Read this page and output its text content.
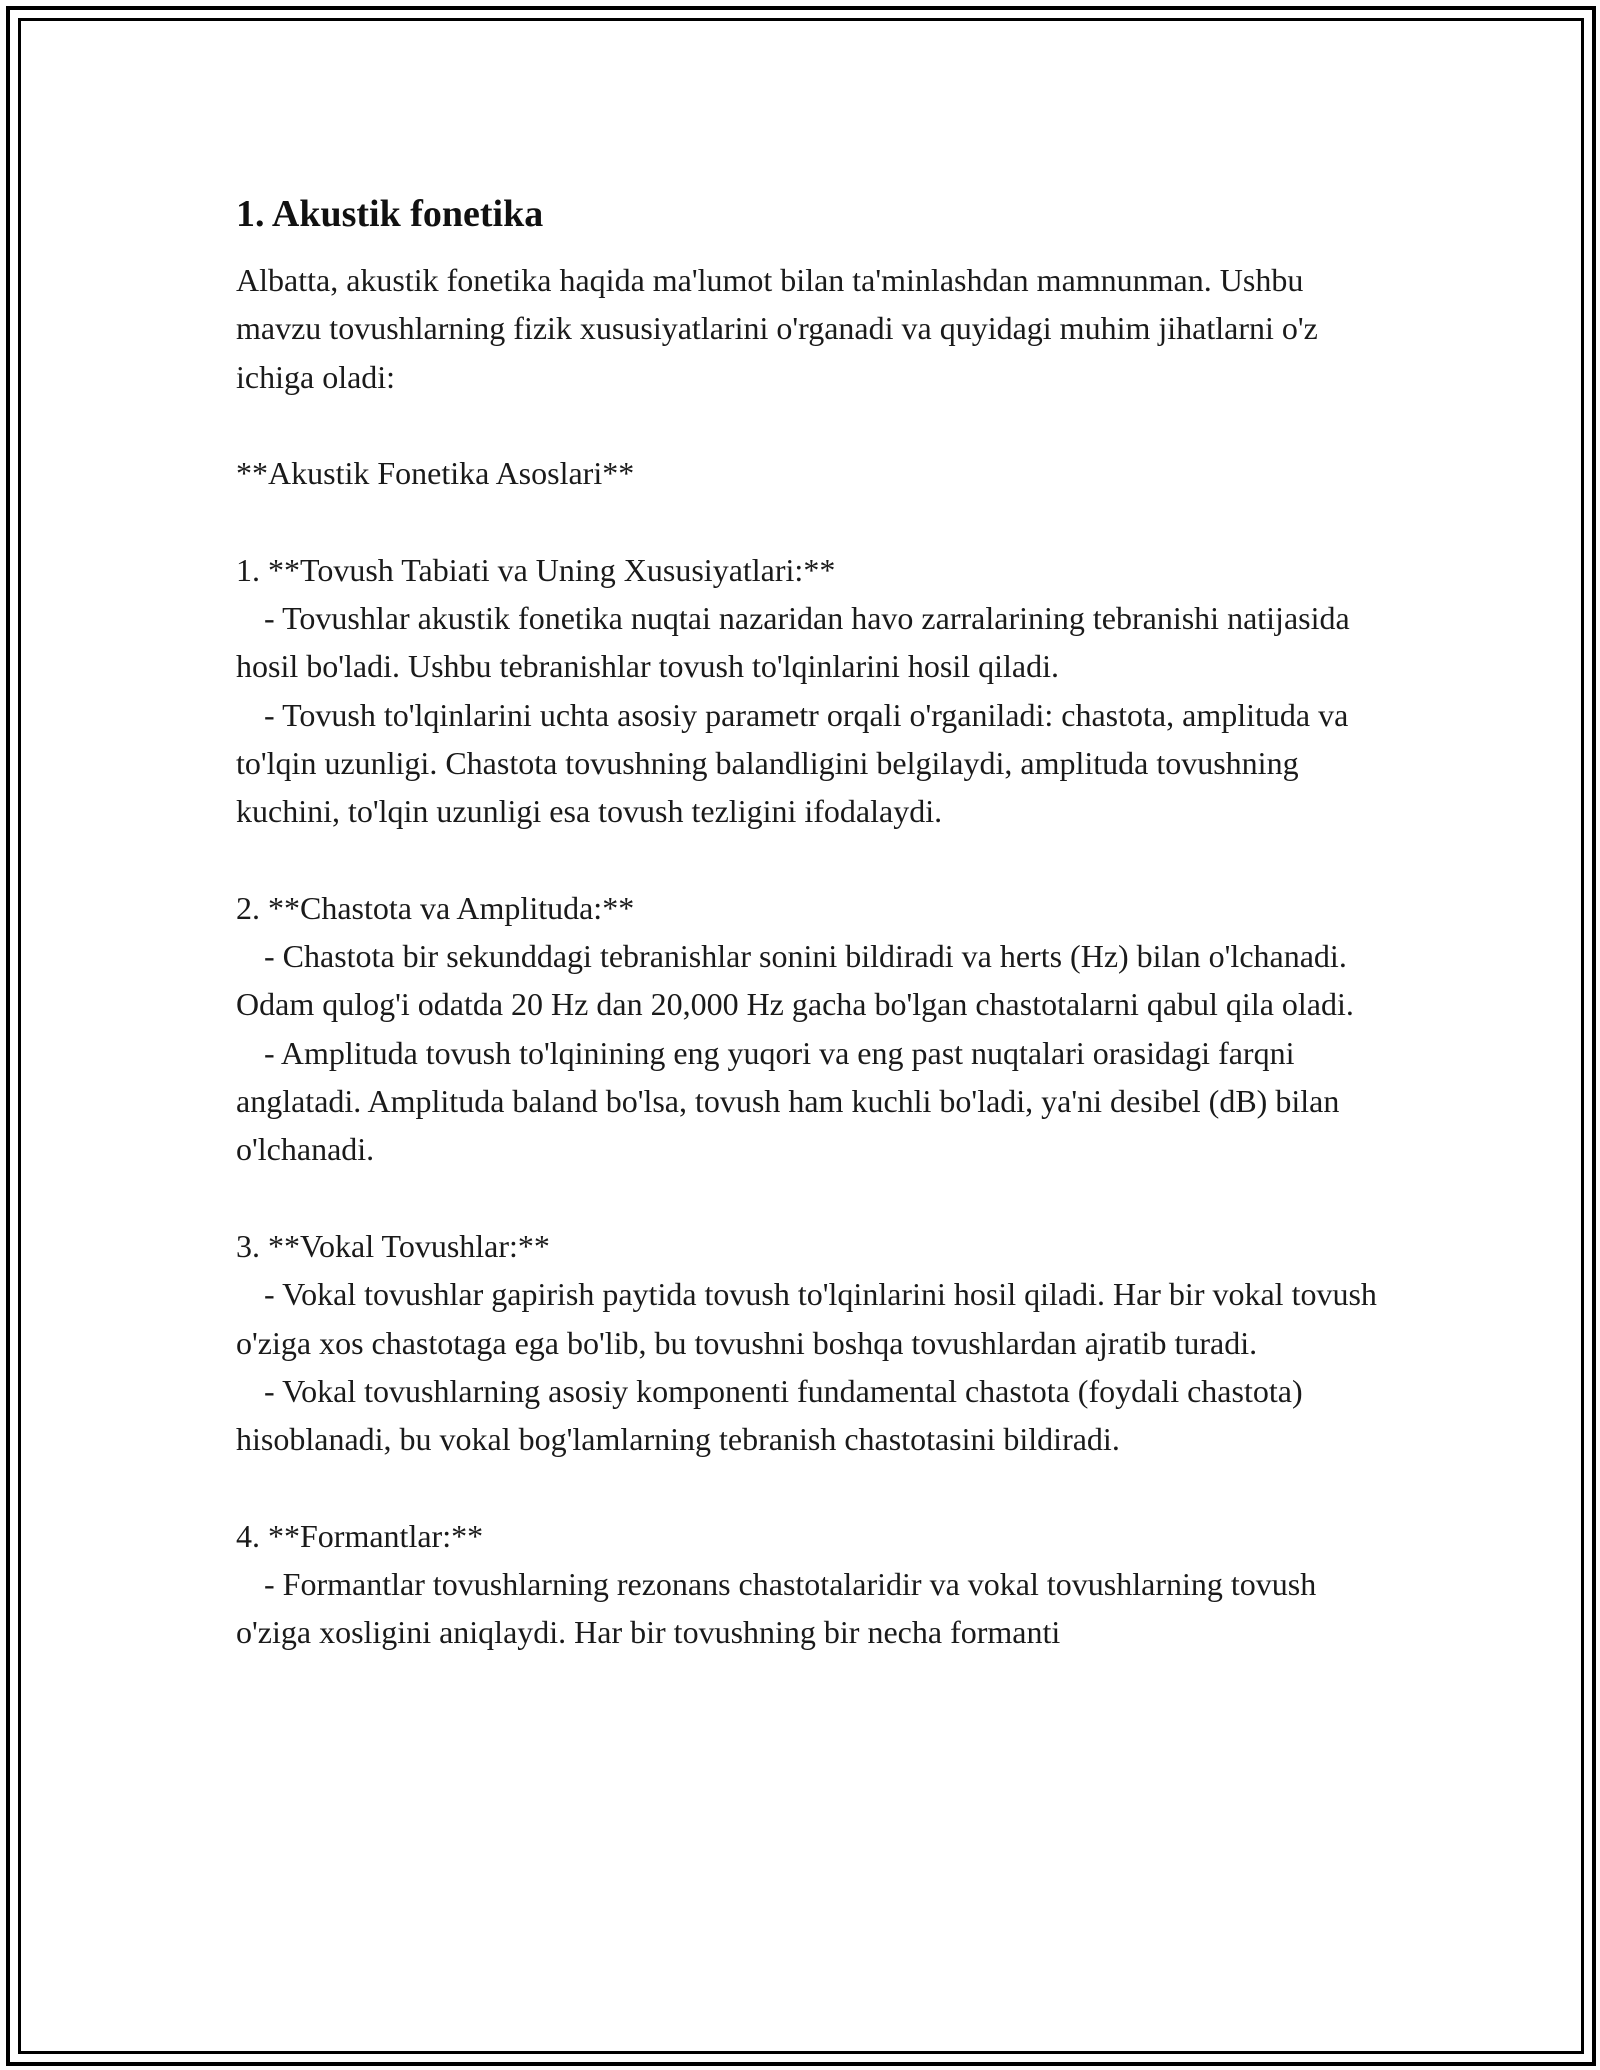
1. Akustik fonetika

Albatta, akustik fonetika haqida ma'lumot bilan ta'minlashdan mamnunman. Ushbu mavzu tovushlarning fizik xususiyatlarini o'rganadi va quyidagi muhim jihatlarni o'z ichiga oladi:

**Akustik Fonetika Asoslari**

1. **Tovush Tabiati va Uning Xususiyatlari:**

- Tovushlar akustik fonetika nuqtai nazaridan havo zarralarining tebranishi natijasida hosil bo'ladi. Ushbu tebranishlar tovush to'lqinlarini hosil qiladi.

- Tovush to'lqinlarini uchta asosiy parametr orqali o'rganiladi: chastota, amplituda va to'lqin uzunligi. Chastota tovushning balandligini belgilaydi, amplituda tovushning kuchini, to'lqin uzunligi esa tovush tezligini ifodalaydi.

2. **Chastota va Amplituda:**

- Chastota bir sekunddagi tebranishlar sonini bildiradi va herts (Hz) bilan o'lchanadi. Odam qulog'i odatda 20 Hz dan 20,000 Hz gacha bo'lgan chastotalarni qabul qila oladi.

- Amplituda tovush to'lqinining eng yuqori va eng past nuqtalari orasidagi farqni anglatadi. Amplituda baland bo'lsa, tovush ham kuchli bo'ladi, ya'ni desibel (dB) bilan o'lchanadi.

3. **Vokal Tovushlar:**

- Vokal tovushlar gapirish paytida tovush to'lqinlarini hosil qiladi. Har bir vokal tovush o'ziga xos chastotaga ega bo'lib, bu tovushni boshqa tovushlardan ajratib turadi.

- Vokal tovushlarning asosiy komponenti fundamental chastota (foydali chastota) hisoblanadi, bu vokal bog'lamlarning tebranish chastotasini bildiradi.

4. **Formantlar:**

- Formantlar tovushlarning rezonans chastotalaridir va vokal tovushlarning tovush o'ziga xosligini aniqlaydi. Har bir tovushning bir necha formanti
